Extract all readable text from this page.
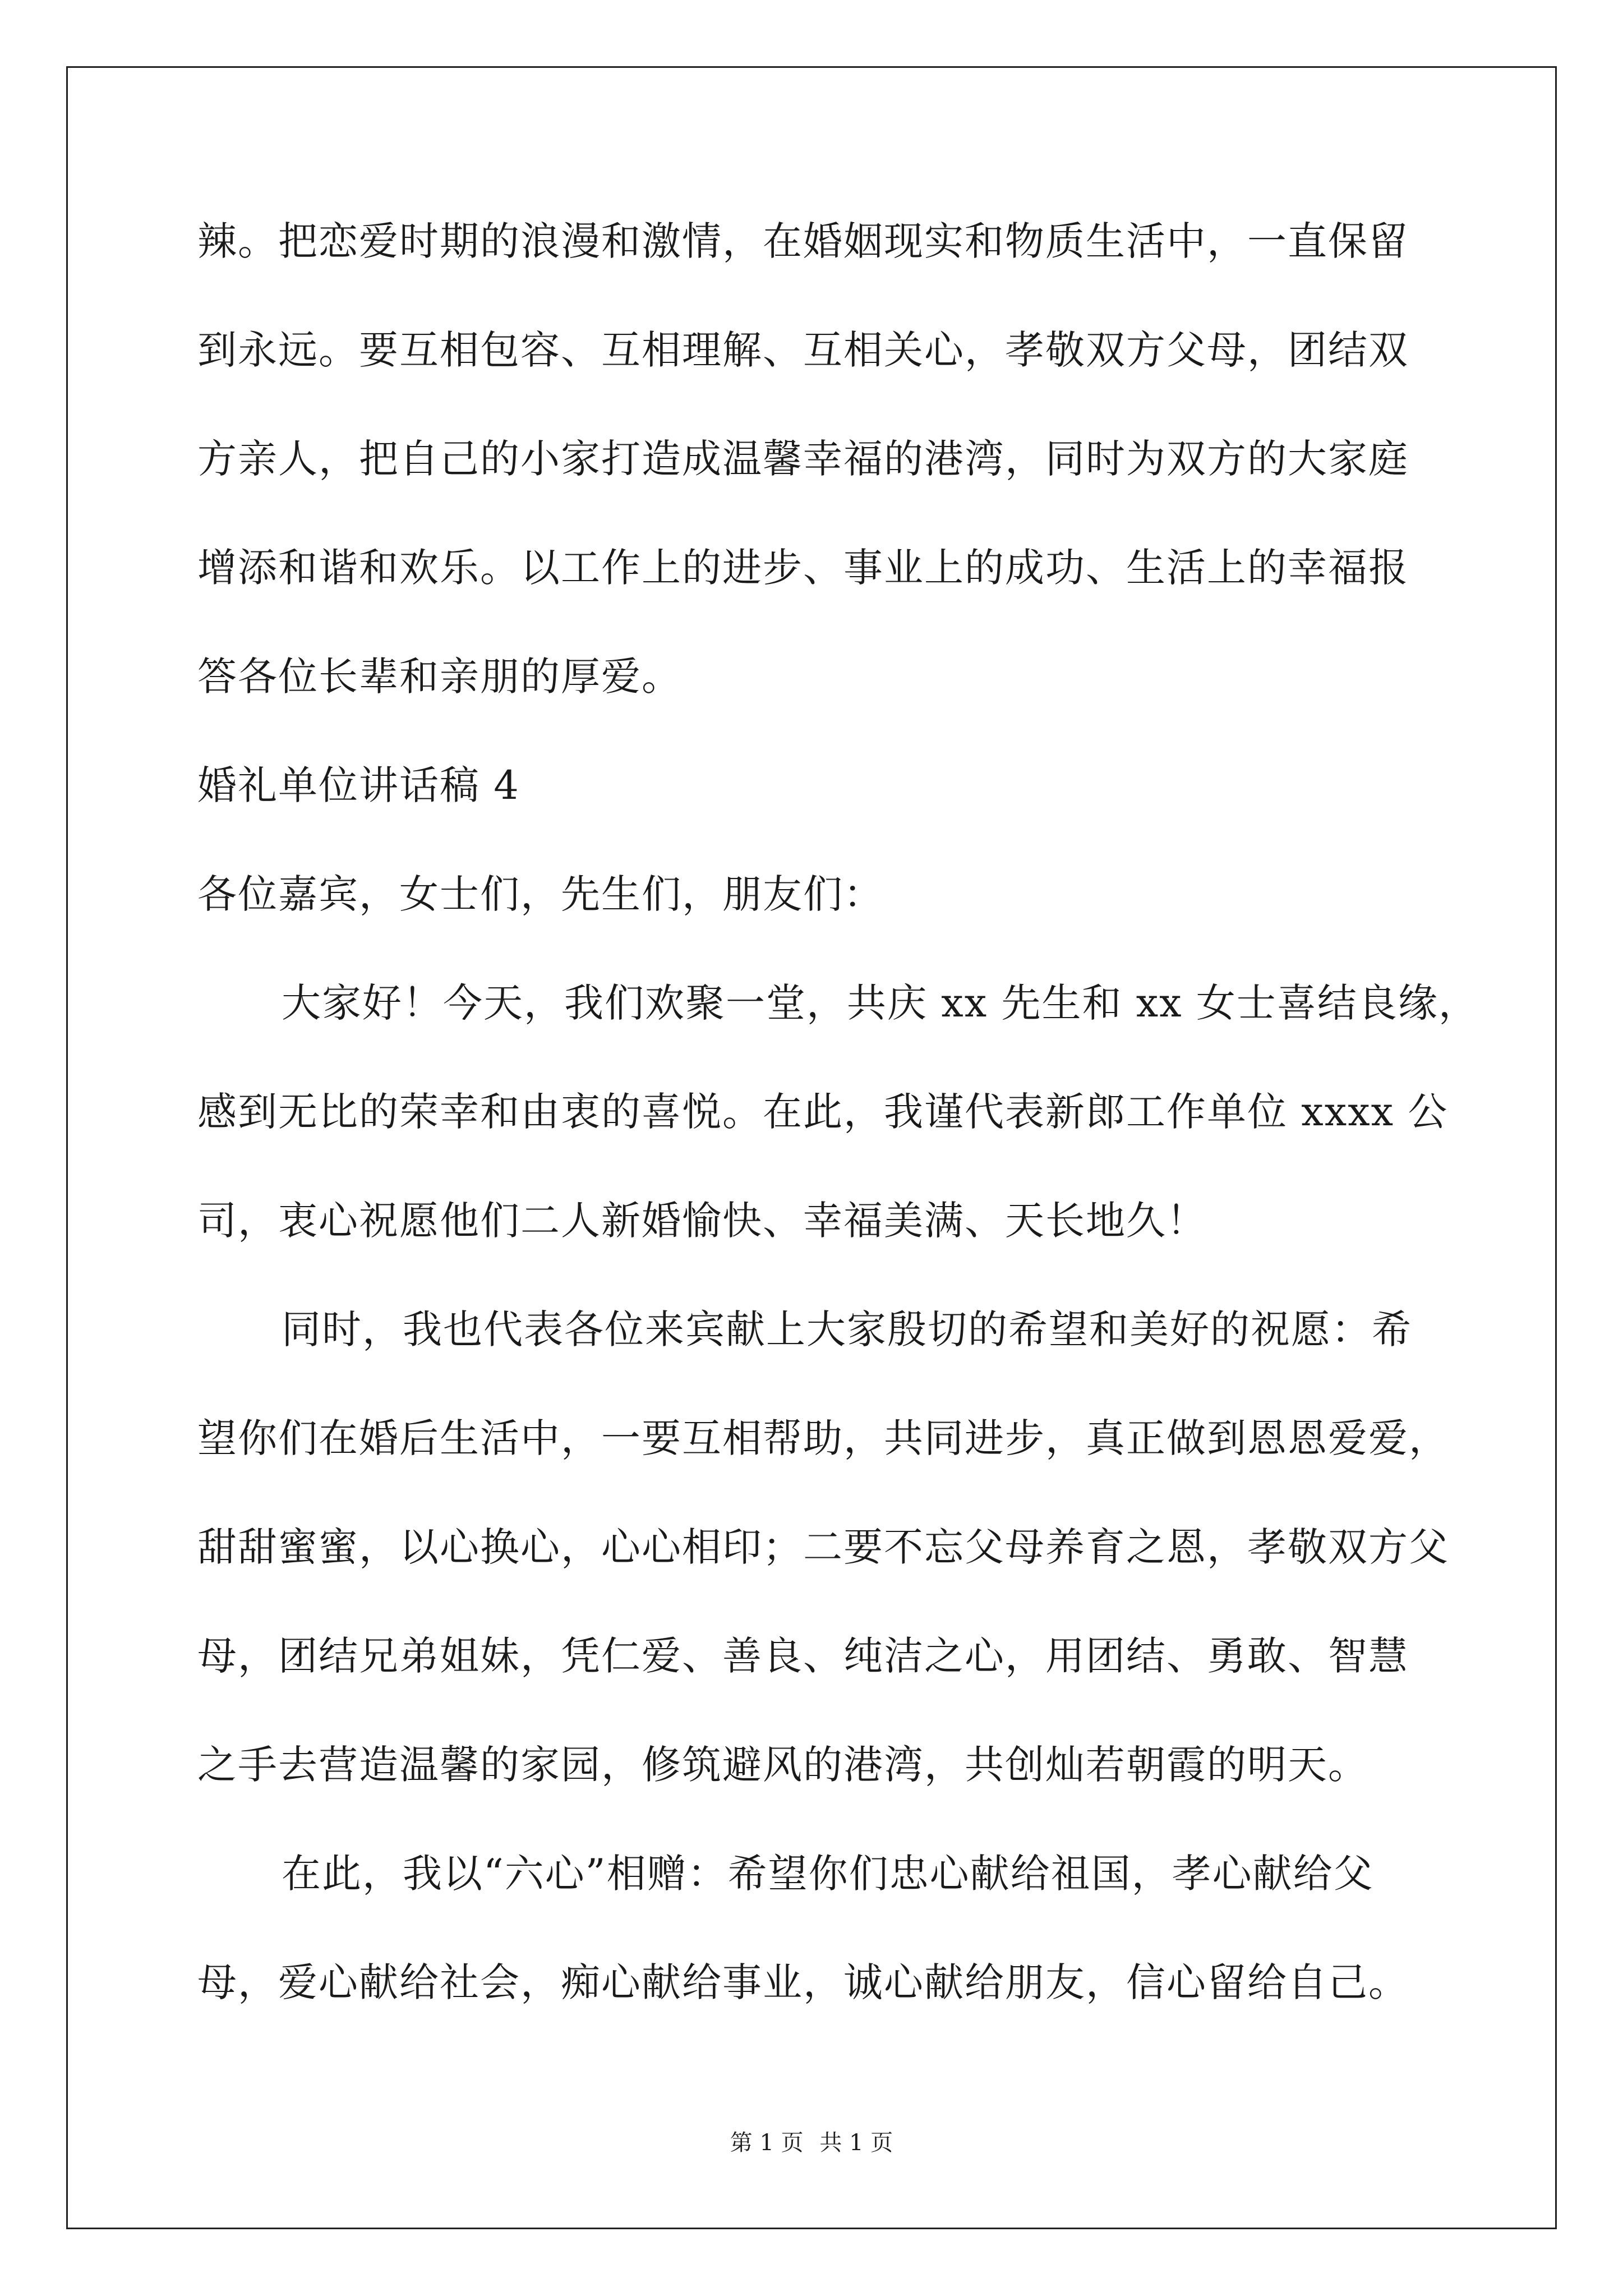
辣。把恋爱时期的浪漫和激情，在婚姻现实和物质生活中，一直保留
到永远。要互相包容、互相理解、互相关心，孝敬双方父母，团结双
方亲人，把自己的小家打造成温馨幸福的港湾，同时为双方的大家庭
增添和谐和欢乐。以工作上的进步、事业上的成功、生活上的幸福报
答各位长辈和亲朋的厚爱。
婚礼单位讲话稿 4
各位嘉宾，女士们，先生们，朋友们：
大家好！今天，我们欢聚一堂，共庆 xx 先生和 xx 女士喜结良缘，
感到无比的荣幸和由衷的喜悦。在此，我谨代表新郎工作单位 xxxx 公
司，衷心祝愿他们二人新婚愉快、幸福美满、天长地久！
同时，我也代表各位来宾献上大家殷切的希望和美好的祝愿：希
望你们在婚后生活中，一要互相帮助，共同进步，真正做到恩恩爱爱，
甜甜蜜蜜，以心换心，心心相印；二要不忘父母养育之恩，孝敬双方父
母，团结兄弟姐妹，凭仁爱、善良、纯洁之心，用团结、勇敢、智慧
之手去营造温馨的家园，修筑避风的港湾，共创灿若朝霞的明天。
在此，我以“六心”相赠：希望你们忠心献给祖国，孝心献给父
母，爱心献给社会，痴心献给事业，诚心献给朋友，信心留给自己。
第 1 页 共 1 页
